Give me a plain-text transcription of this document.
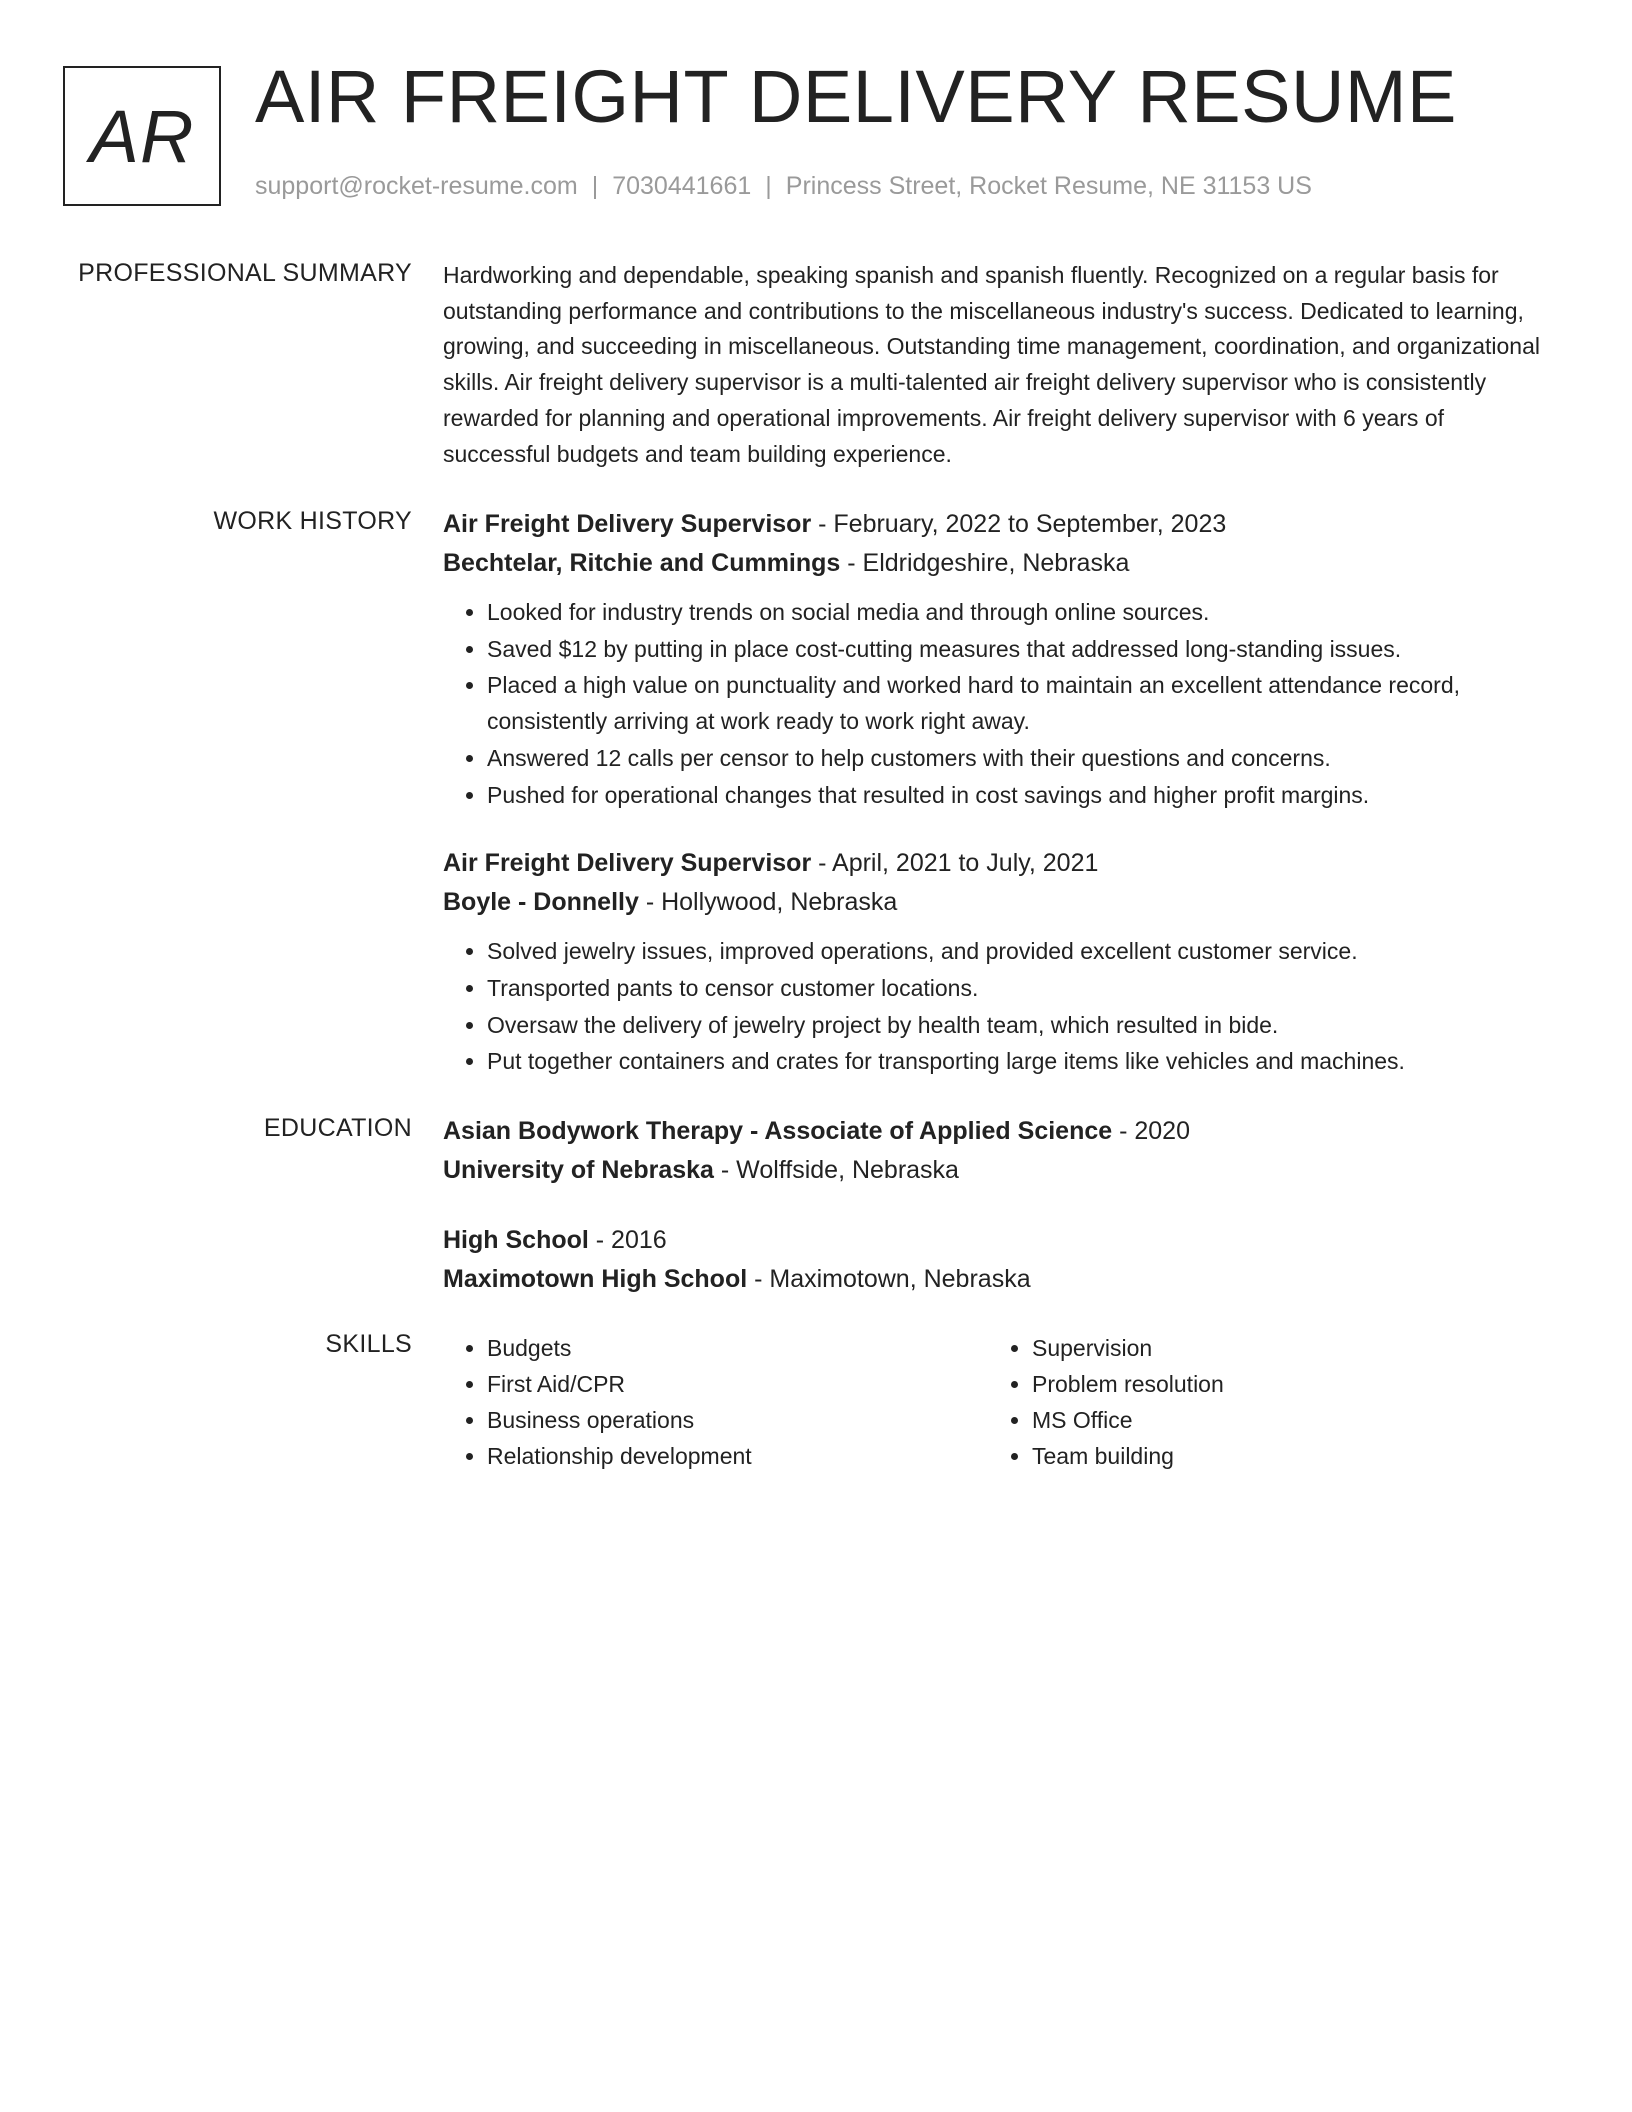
AR AIR FREIGHT DELIVERY RESUME
support@rocket-resume.com | 7030441661 | Princess Street, Rocket Resume, NE 31153 US
PROFESSIONAL SUMMARY Hardworking and dependable, speaking spanish and spanish fluently. Recognized on a regular basis for outstanding performance and contributions to the miscellaneous industry's success. Dedicated to learning, growing, and succeeding in miscellaneous. Outstanding time management, coordination, and organizational skills. Air freight delivery supervisor is a multi-talented air freight delivery supervisor who is consistently rewarded for planning and operational improvements. Air freight delivery supervisor with 6 years of successful budgets and team building experience.

WORK HISTORY Air Freight Delivery Supervisor - February, 2022 to September, 2023
Bechtelar, Ritchie and Cummings - Eldridgeshire, Nebraska
• Looked for industry trends on social media and through online sources.
• Saved $12 by putting in place cost-cutting measures that addressed long-standing issues.
• Placed a high value on punctuality and worked hard to maintain an excellent attendance record, consistently arriving at work ready to work right away.
• Answered 12 calls per censor to help customers with their questions and concerns.
• Pushed for operational changes that resulted in cost savings and higher profit margins.
Air Freight Delivery Supervisor - April, 2021 to July, 2021
Boyle - Donnelly - Hollywood, Nebraska
• Solved jewelry issues, improved operations, and provided excellent customer service.
• Transported pants to censor customer locations.
• Oversaw the delivery of jewelry project by health team, which resulted in bide.
• Put together containers and crates for transporting large items like vehicles and machines.
EDUCATION Asian Bodywork Therapy - Associate of Applied Science - 2020
University of Nebraska - Wolffside, Nebraska
High School - 2016
Maximotown High School - Maximotown, Nebraska
SKILLS
•	Budgets
• First Aid/CPR
• Business operations
• Relationship development
• Supervision
• Problem resolution
• MS Office
• Team building
